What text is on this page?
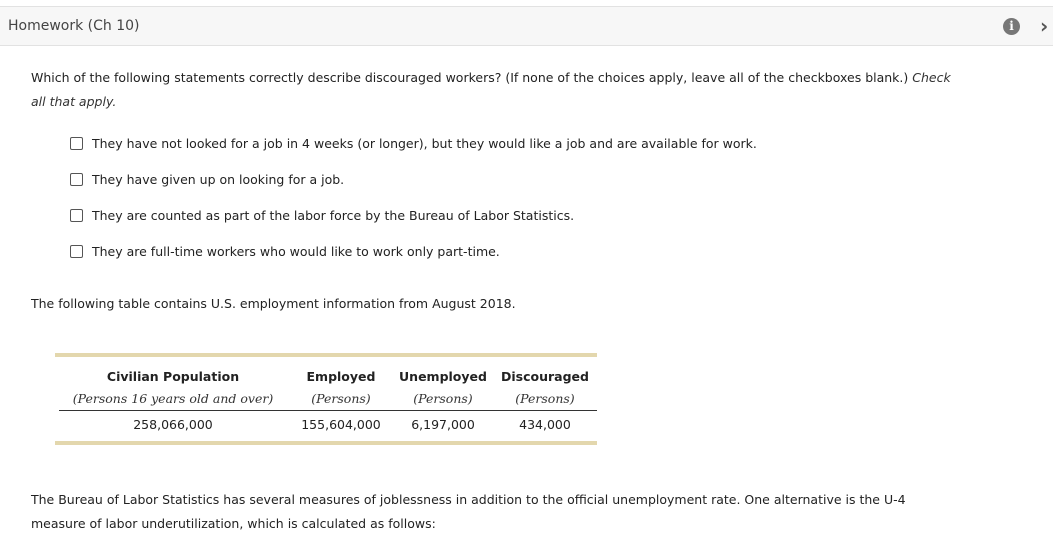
Homework (Ch 10)	i	›
Which of the following statements correctly describe discouraged workers? (If none of the choices apply, leave all of the checkboxes blank.) Check all that apply.
They have not looked for a job in 4 weeks (or longer), but they would like a job and are available for work.
They have given up on looking for a job.
They are counted as part of the labor force by the Bureau of Labor Statistics.
They are full-time workers who would like to work only part-time.
The following table contains U.S. employment information from August 2018.
Civilian Population
(Persons 16 years old and over)
258,066,000
Employed
(Persons)
155,604,000
Unemployed
(Persons)
6,197,000
Discouraged
(Persons)
434,000
The Bureau of Labor Statistics has several measures of joblessness in addition to the official unemployment rate. One alternative is the U-4 measure of labor underutilization, which is calculated as follows:
